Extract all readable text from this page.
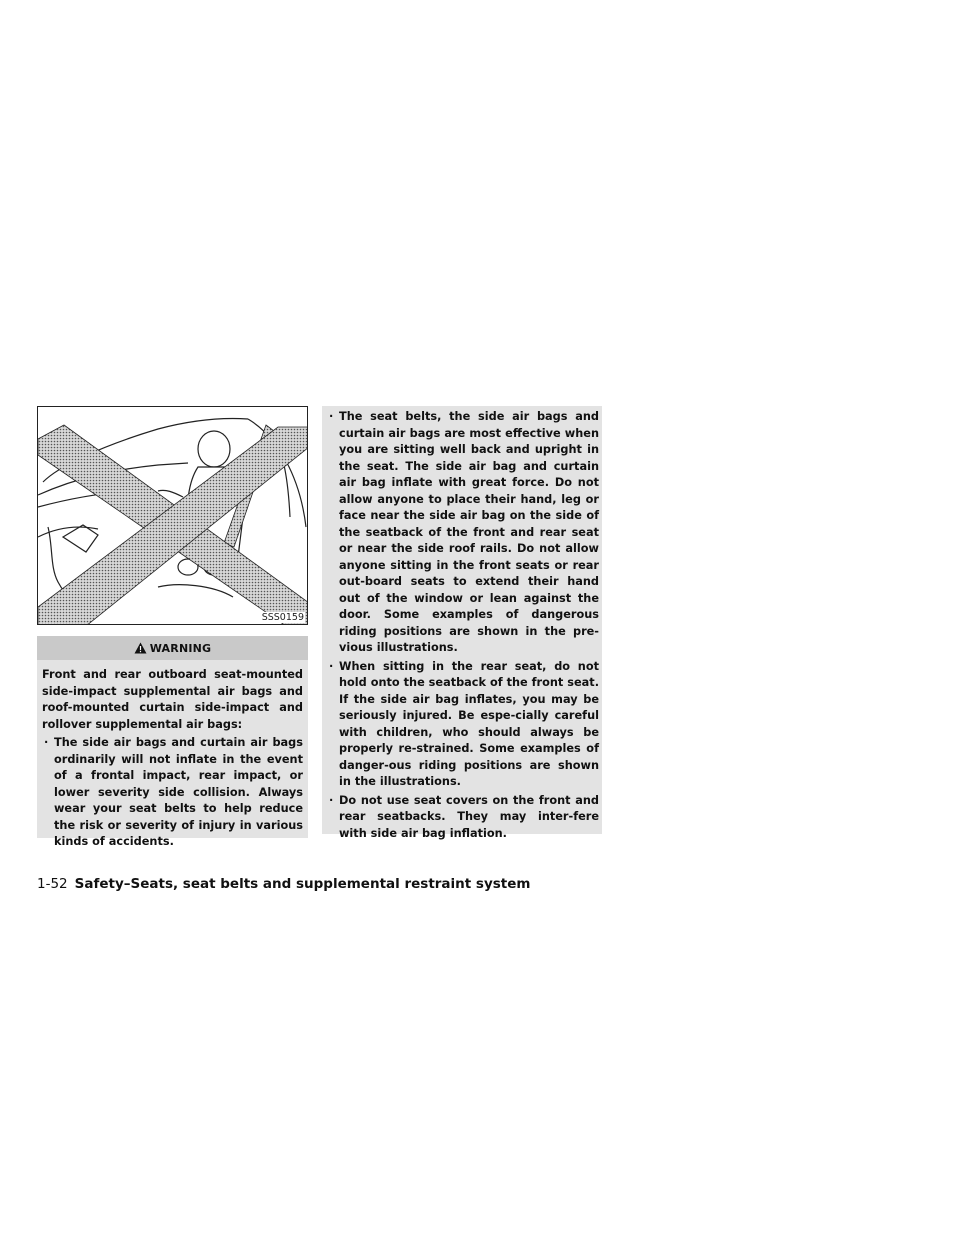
SSS0159
WARNING

Front and rear outboard seat-mounted side-impact supplemental air bags and roof-mounted curtain side-impact and rollover supplemental air bags:

· The side air bags and curtain air bags ordinarily will not inflate in the event of a frontal impact, rear impact, or lower severity side collision. Always wear your seat belts to help reduce the risk or severity of injury in various kinds of accidents.
· The seat belts, the side air bags and curtain air bags are most effective when you are sitting well back and upright in the seat. The side air bag and curtain air bag inflate with great force. Do not allow anyone to place their hand, leg or face near the side air bag on the side of the seatback of the front and rear seat or near the side roof rails. Do not allow anyone sitting in the front seats or rear out-board seats to extend their hand out of the window or lean against the door. Some examples of dangerous riding positions are shown in the pre-vious illustrations.
· When sitting in the rear seat, do not hold onto the seatback of the front seat. If the side air bag inflates, you may be seriously injured. Be espe-cially careful with children, who should always be properly re-strained. Some examples of danger-ous riding positions are shown in the illustrations.
· Do not use seat covers on the front and rear seatbacks. They may inter-fere with side air bag inflation.
1-52 Safety–Seats, seat belts and supplemental restraint system
